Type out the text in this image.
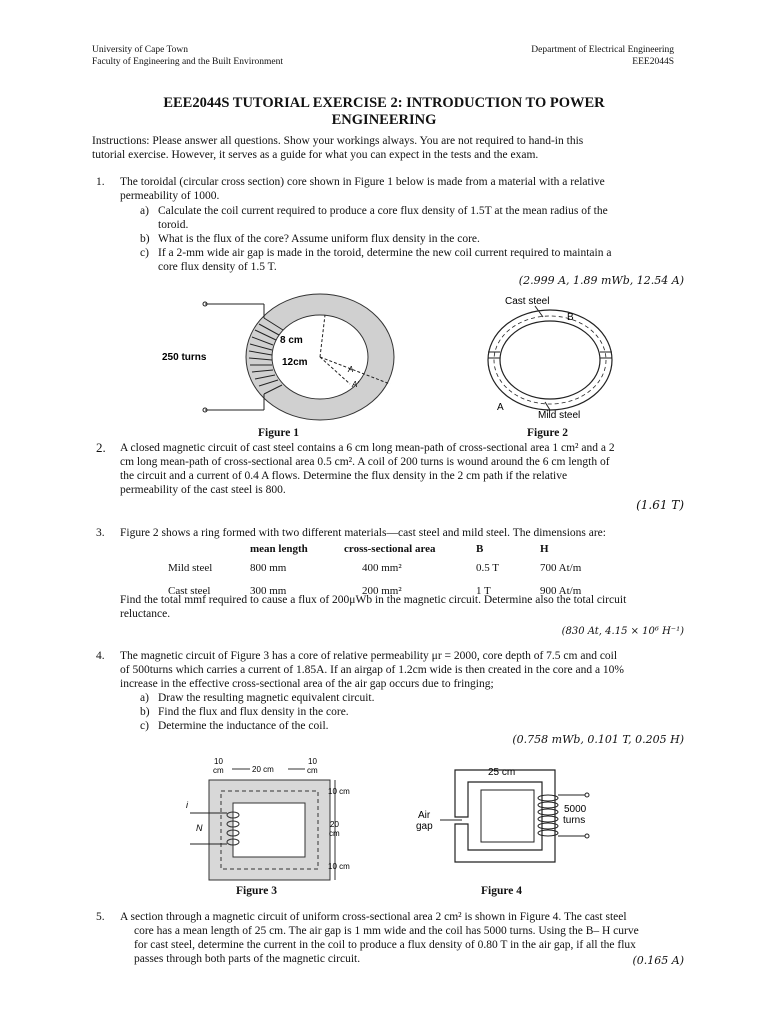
University of Cape Town
Faculty of Engineering and the Built Environment
Department of Electrical Engineering
EEE2044S
EEE2044S TUTORIAL EXERCISE 2: INTRODUCTION TO POWER
ENGINEERING
Instructions: Please answer all questions. Show your workings always. You are not required to hand-in this
tutorial exercise. However, it serves as a guide for what you can expect in the tests and the exam.
1. The toroidal (circular cross section) core shown in Figure 1 below is made from a material with a relative
permeability of 1000.
a) Calculate the coil current required to produce a core flux density of 1.5T at the mean radius of the
toroid.
b) What is the flux of the core? Assume uniform flux density in the core.
c) If a 2-mm wide air gap is made in the toroid, determine the new coil current required to maintain a
core flux density of 1.5 T.
(2.999 A, 1.89 mWb, 12.54 A)
250 turns
8 cm
12cm
A
A'
Figure 1
Cast steel
B
A
Mild steel
Figure 2
2. A closed magnetic circuit of cast steel contains a 6 cm long mean-path of cross-sectional area 1 cm² and a 2
cm long mean-path of cross-sectional area 0.5 cm². A coil of 200 turns is wound around the 6 cm length of
the circuit and a current of 0.4 A flows. Determine the flux density in the 2 cm path if the relative
permeability of the cast steel is 800.
(1.61 T)
3. Figure 2 shows a ring formed with two different materials—cast steel and mild steel. The dimensions are:
	mean length	cross-sectional area	B	H
Mild steel	800 mm	400 mm²	0.5 T	700 At/m
Cast steel	300 mm	200 mm²	1 T	900 At/m
Find the total mmf required to cause a flux of 200μWb in the magnetic circuit. Determine also the total circuit
reluctance.
(830 At, 4.15 × 10⁶ H⁻¹)
4. The magnetic circuit of Figure 3 has a core of relative permeability μr = 2000, core depth of 7.5 cm and coil
of 500turns which carries a current of 1.85A. If an airgap of 1.2cm wide is then created in the core and a 10%
increase in the effective cross-sectional area of the air gap occurs due to fringing;
a) Draw the resulting magnetic equivalent circuit.
b) Find the flux and flux density in the core.
c) Determine the inductance of the coil.
(0.758 mWb, 0.101 T, 0.205 H)
i
N
10
cm	20 cm
10
cm
10 cm
20
cm
10 cm
Figure 3
25 cm
Air
gap
5000
turns
Figure 4
5. A section through a magnetic circuit of uniform cross-sectional area 2 cm² is shown in Figure 4. The cast steel
core has a mean length of 25 cm. The air gap is 1 mm wide and the coil has 5000 turns. Using the B– H curve
for cast steel, determine the current in the coil to produce a flux density of 0.80 T in the air gap, if all the flux
passes through both parts of the magnetic circuit.	(0.165 A)
